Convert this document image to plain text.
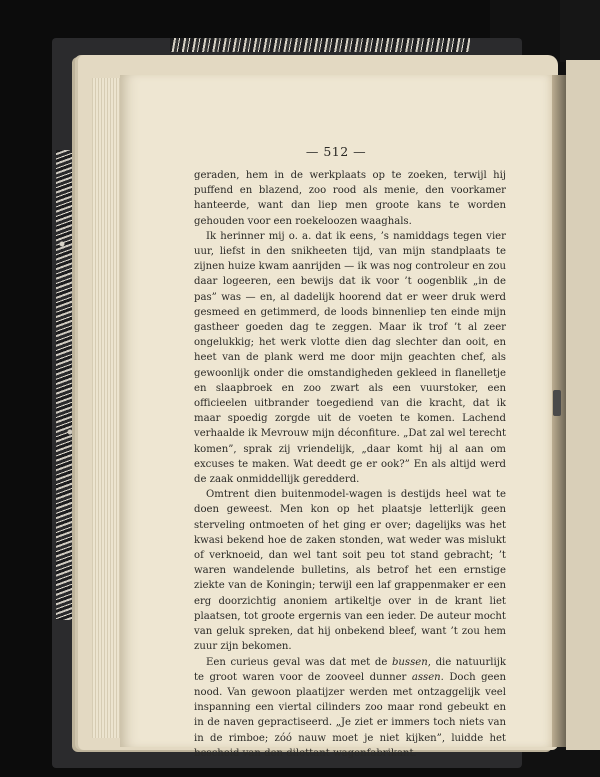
— 512 —

geraden, hem in de werkplaats op te zoeken, terwijl hij puffend en blazend, zoo rood als menie, den voorkamer hanteerde, want dan liep men groote kans te worden gehouden voor een roekeloozen waaghals.

Ik herinner mij o. a. dat ik eens, ’s namiddags tegen vier uur, liefst in den snikheeten tijd, van mijn standplaats te zijnen huize kwam aanrijden — ik was nog controleur en zou daar logeeren, een bewijs dat ik voor ’t oogenblik „in de pas” was — en, al dadelijk hoorend dat er weer druk werd gesmeed en getimmerd, de loods binnenliep ten einde mijn gastheer goeden dag te zeggen. Maar ik trof ’t al zeer ongelukkig; het werk vlotte dien dag slechter dan ooit, en heet van de plank werd me door mijn geachten chef, als gewoonlijk onder die omstandigheden gekleed in flanelletje en slaapbroek en zoo zwart als een vuurstoker, een officieelen uitbrander toegediend van die kracht, dat ik maar spoedig zorgde uit de voeten te komen. Lachend verhaalde ik Mevrouw mijn déconfiture. „Dat zal wel terecht komen”, sprak zij vriendelijk, „daar komt hij al aan om excuses te maken. Wat deedt ge er ook?” En als altijd werd de zaak onmiddellijk geredderd.

Omtrent dien buitenmodel-wagen is destijds heel wat te doen geweest. Men kon op het plaatsje letterlijk geen sterveling ontmoeten of het ging er over; dagelijks was het kwasi bekend hoe de zaken stonden, wat weder was mislukt of verknoeid, dan wel tant soit peu tot stand gebracht; ’t waren wandelende bulletins, als betrof het een ernstige ziekte van de Koningin; terwijl een laf grappenmaker er een erg doorzichtig anoniem artikeltje over in de krant liet plaatsen, tot groote ergernis van een ieder. De auteur mocht van geluk spreken, dat hij onbekend bleef, want ’t zou hem zuur zijn bekomen.

Een curieus geval was dat met de bussen, die natuurlijk te groot waren voor de zooveel dunner assen. Doch geen nood. Van gewoon plaatijzer werden met ontzaggelijk veel inspanning een viertal cilinders zoo maar rond gebeukt en in de naven gepractiseerd. „Je ziet er immers toch niets van in de rimboe; zóó nauw moet je niet kijken”, luidde het bescheid van den dilettant wagenfabrikant.
